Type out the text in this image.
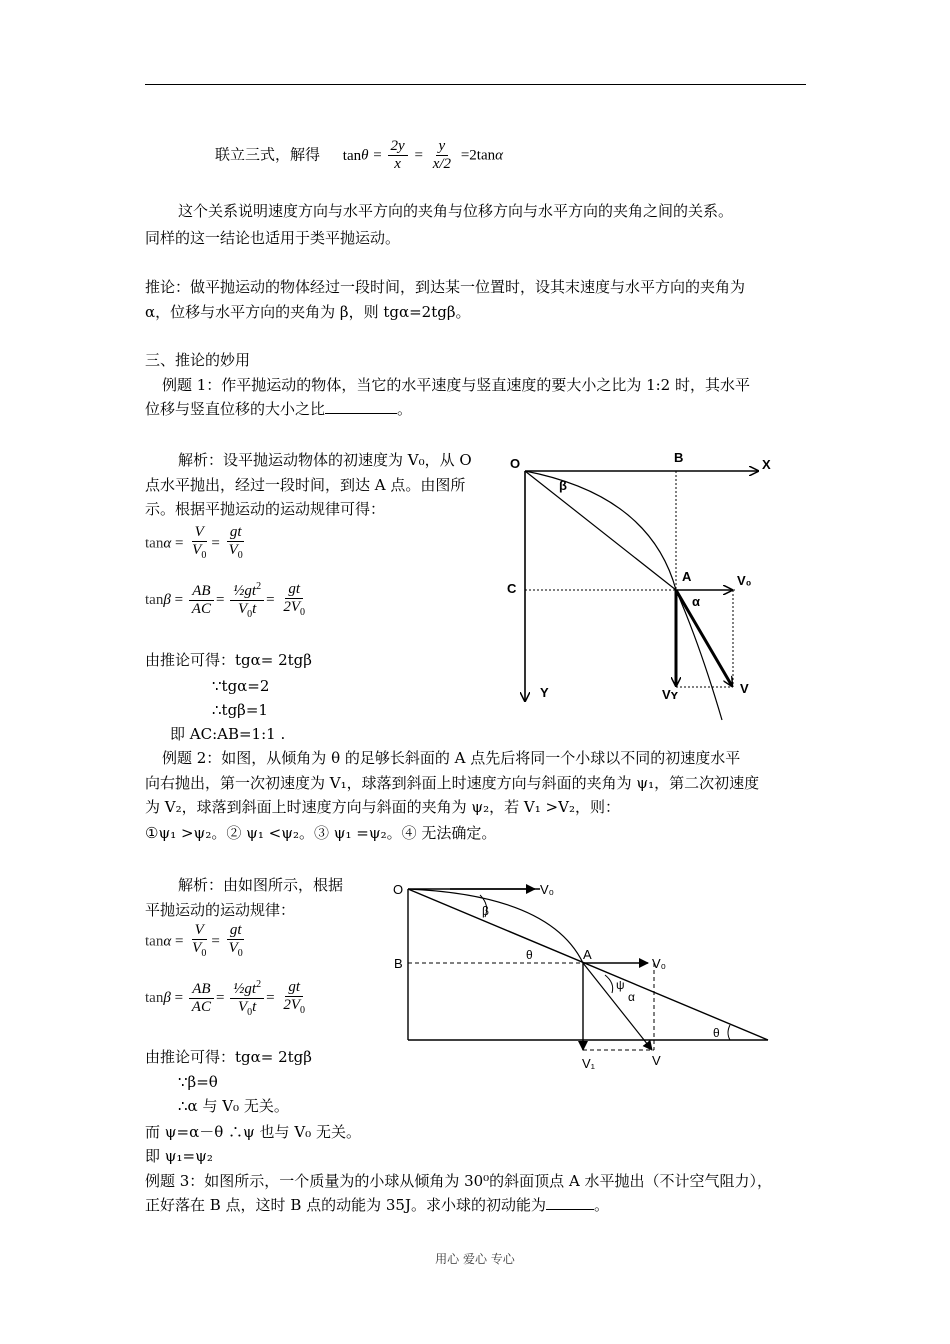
联立三式，解得 $\tan\theta = \frac{2y}{x} = \frac{y}{x/2} =2\tan\alpha$
这个关系说明速度方向与水平方向的夹角与位移方向与水平方向的夹角之间的关系。
同样的这一结论也适用于类平抛运动。
推论：做平抛运动的物体经过一段时间，到达某一位置时，设其末速度与水平方向的夹角为
α，位移与水平方向的夹角为 β，则 tgα=2tgβ。
三、推论的妙用
例题 1：作平抛运动的物体，当它的水平速度与竖直速度的要大小之比为 1:2 时，其水平
位移与竖直位移的大小之比	。
解析：设平抛运动物体的初速度为 V₀，从 O
点水平抛出，经过一段时间，到达 A 点。由图所
示。根据平抛运动的运动规律可得：
$\tan\alpha = \frac{V}{V_0} = \frac{gt}{V_0}$
$\tan\beta = \frac{AB}{AC} = \frac{\frac{1}{2}gt^2}{V_0t} = \frac{gt}{2V_0}$
由推论可得：tgα= 2tgβ
∵tgα=2
∴tgβ=1
即 AC:AB=1:1 .
例题 2：如图，从倾角为 θ 的足够长斜面的 A 点先后将同一个小球以不同的初速度水平
向右抛出，第一次初速度为 V₁，球落到斜面上时速度方向与斜面的夹角为 ψ₁，第二次初速度
为 V₂，球落到斜面上时速度方向与斜面的夹角为 ψ₂，若 V₁ >V₂，则：
①ψ₁ >ψ₂。② ψ₁ <ψ₂。③ ψ₁ =ψ₂。④ 无法确定。
解析：由如图所示，根据
平抛运动的运动规律：
$\tan\alpha = \frac{V}{V_0} = \frac{gt}{V_0}$
$\tan\beta = \frac{AB}{AC} = \frac{\frac{1}{2}gt^2}{V_0t} = \frac{gt}{2V_0}$
由推论可得：tgα= 2tgβ
∵β=θ
∴α 与 V₀ 无关。
而 ψ=α－θ ∴ψ 也与 V₀ 无关。
即 ψ₁=ψ₂
例题 3：如图所示，一个质量为的小球从倾角为 30⁰的斜面顶点 A 水平抛出（不计空气阻力），
正好落在 B 点，这时 B 点的动能为 35J。求小球的初动能为	。
O	B	X
β
C
A	V₀
α
Y	Vʏ	V
O	V₀
β
θ
B
A
V₀
ψ
α
θ
V₁	V
用心 爱心 专心
